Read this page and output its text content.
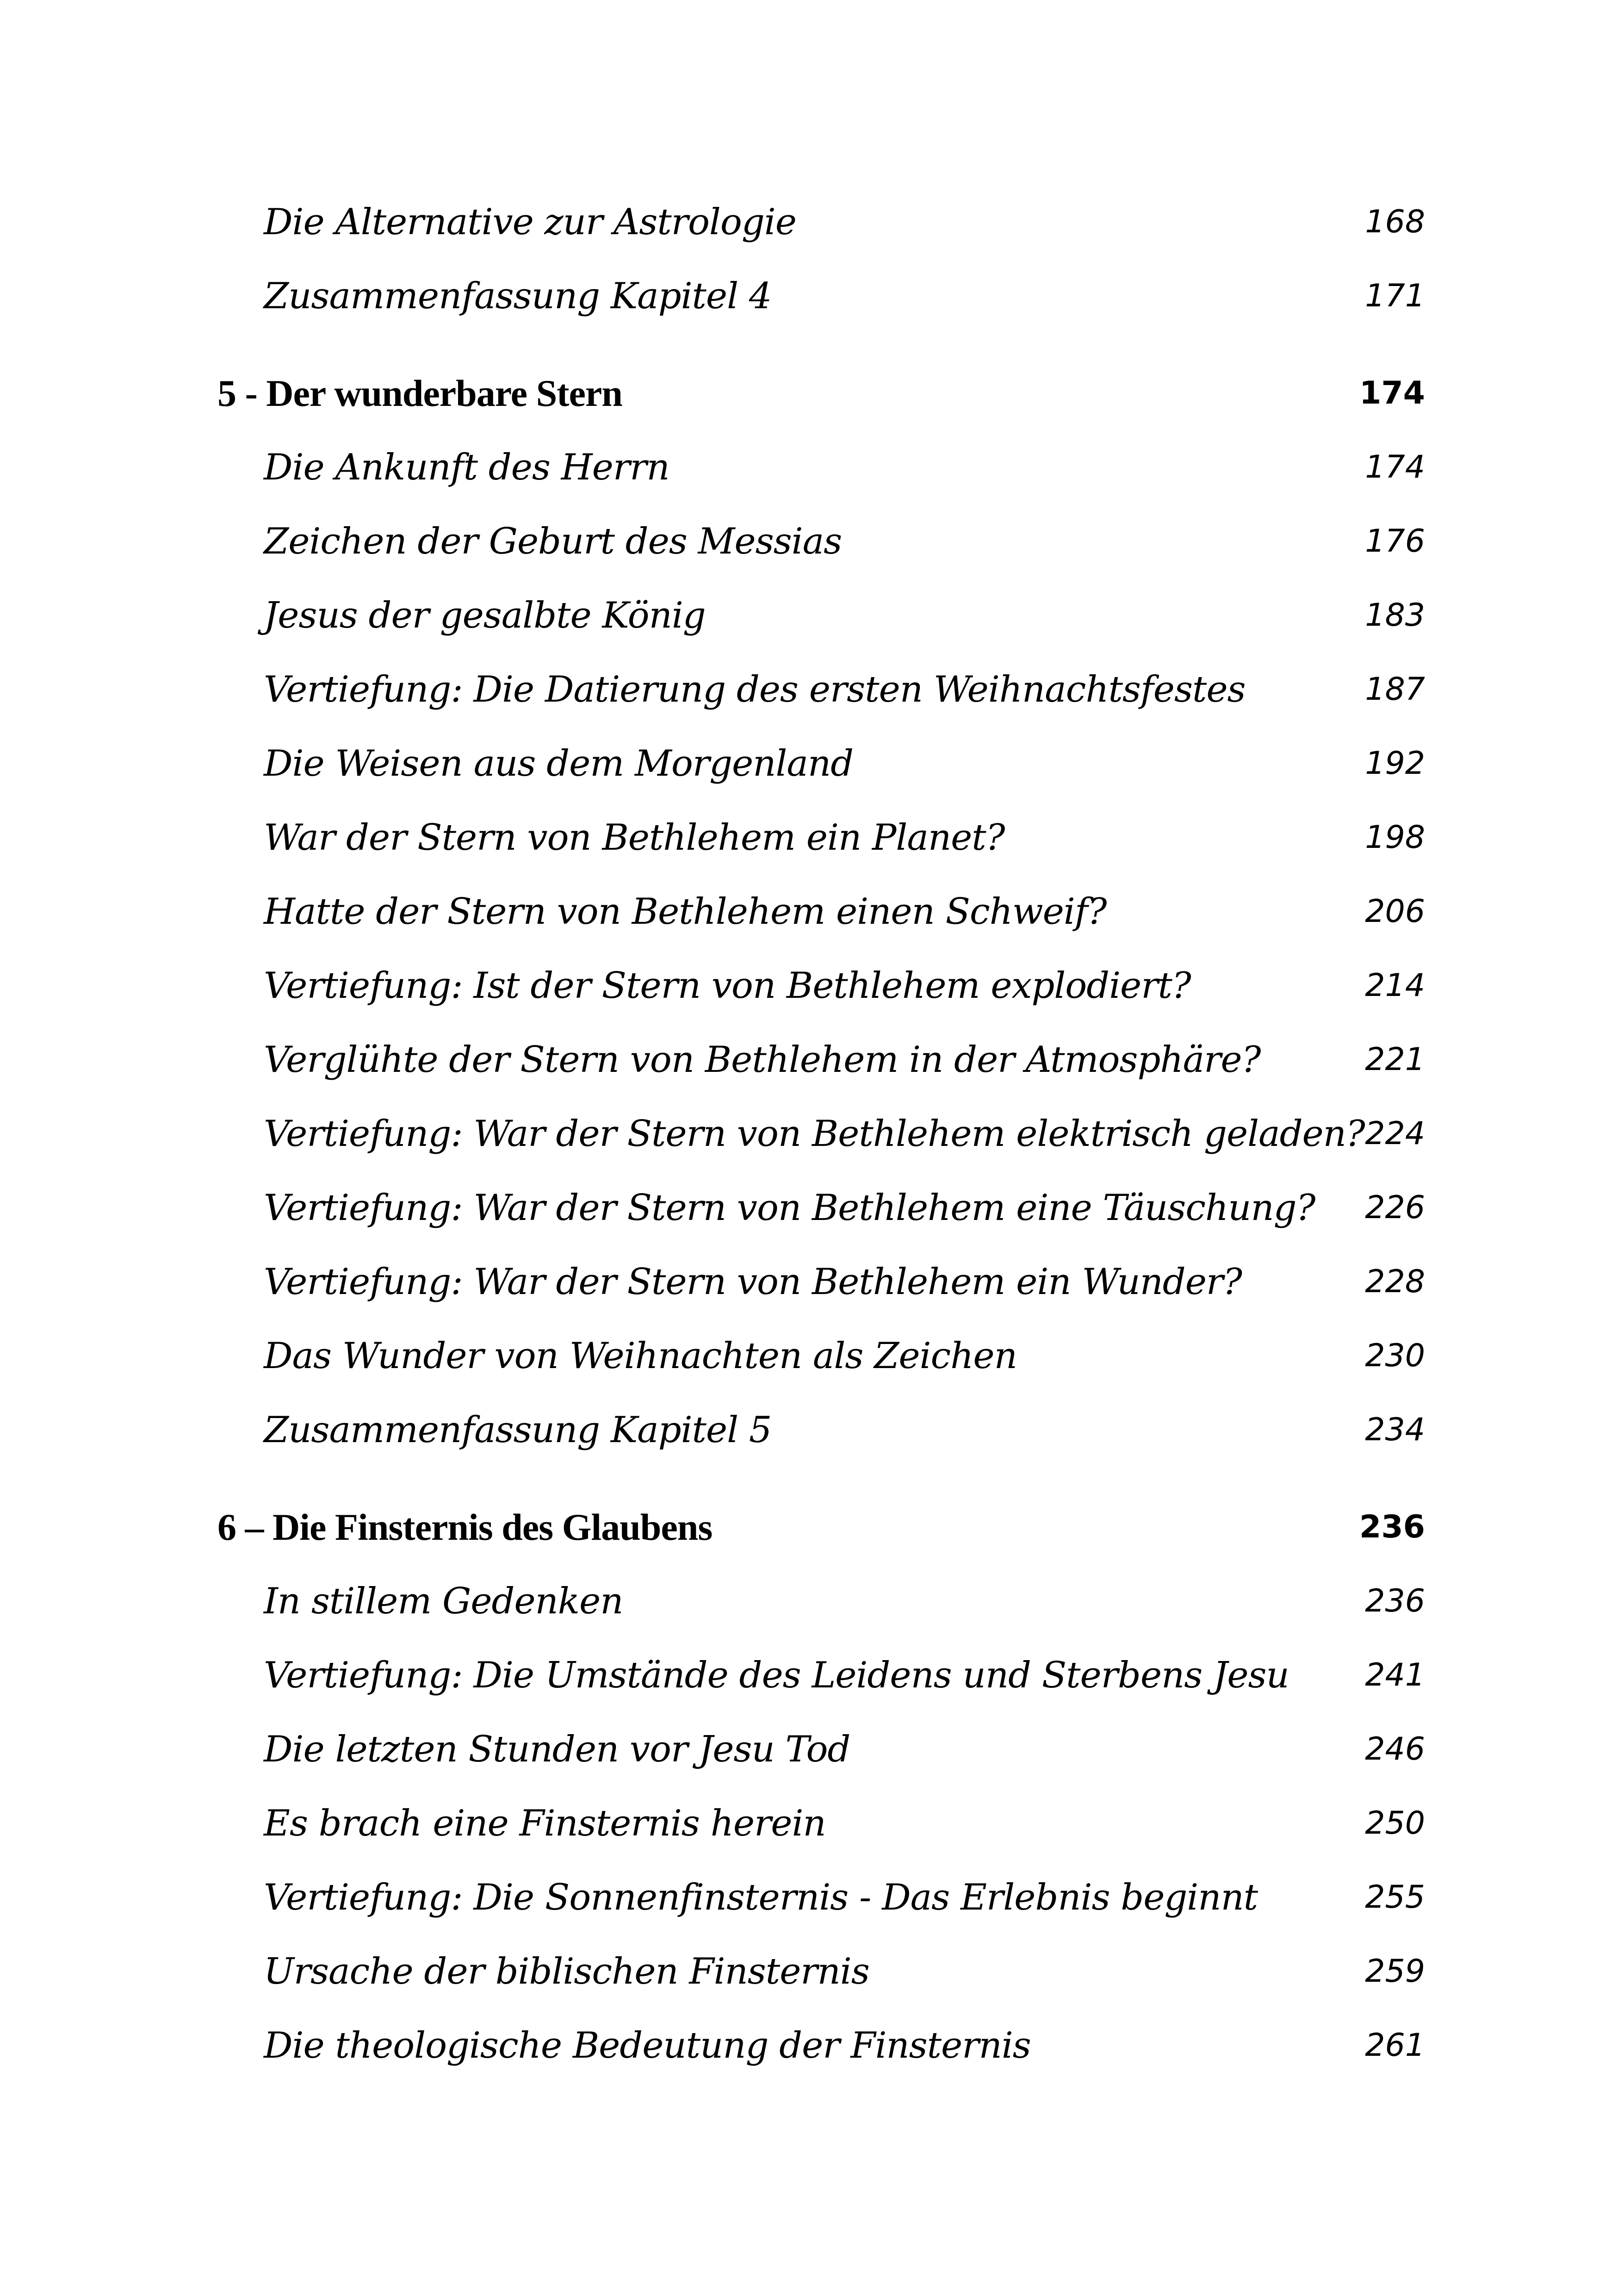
Die Alternative zur Astrologie	168
Zusammenfassung Kapitel 4	171
5 - Der wunderbare Stern	174
Die Ankunft des Herrn	174
Zeichen der Geburt des Messias	176
Jesus der gesalbte König	183
Vertiefung: Die Datierung des ersten Weihnachtsfestes	187
Die Weisen aus dem Morgenland	192
War der Stern von Bethlehem ein Planet?	198
Hatte der Stern von Bethlehem einen Schweif?	206
Vertiefung: Ist der Stern von Bethlehem explodiert?	214
Verglühte der Stern von Bethlehem in der Atmosphäre?	221
Vertiefung: War der Stern von Bethlehem elektrisch geladen? 224
Vertiefung: War der Stern von Bethlehem eine Täuschung? 226
Vertiefung: War der Stern von Bethlehem ein Wunder?	228
Das Wunder von Weihnachten als Zeichen	230
Zusammenfassung Kapitel 5	234
6 – Die Finsternis des Glaubens	236
In stillem Gedenken	236
Vertiefung: Die Umstände des Leidens und Sterbens Jesu 241
Die letzten Stunden vor Jesu Tod	246
Es brach eine Finsternis herein	250
Vertiefung: Die Sonnenfinsternis - Das Erlebnis beginnt	255
Ursache der biblischen Finsternis	259
Die theologische Bedeutung der Finsternis	261
